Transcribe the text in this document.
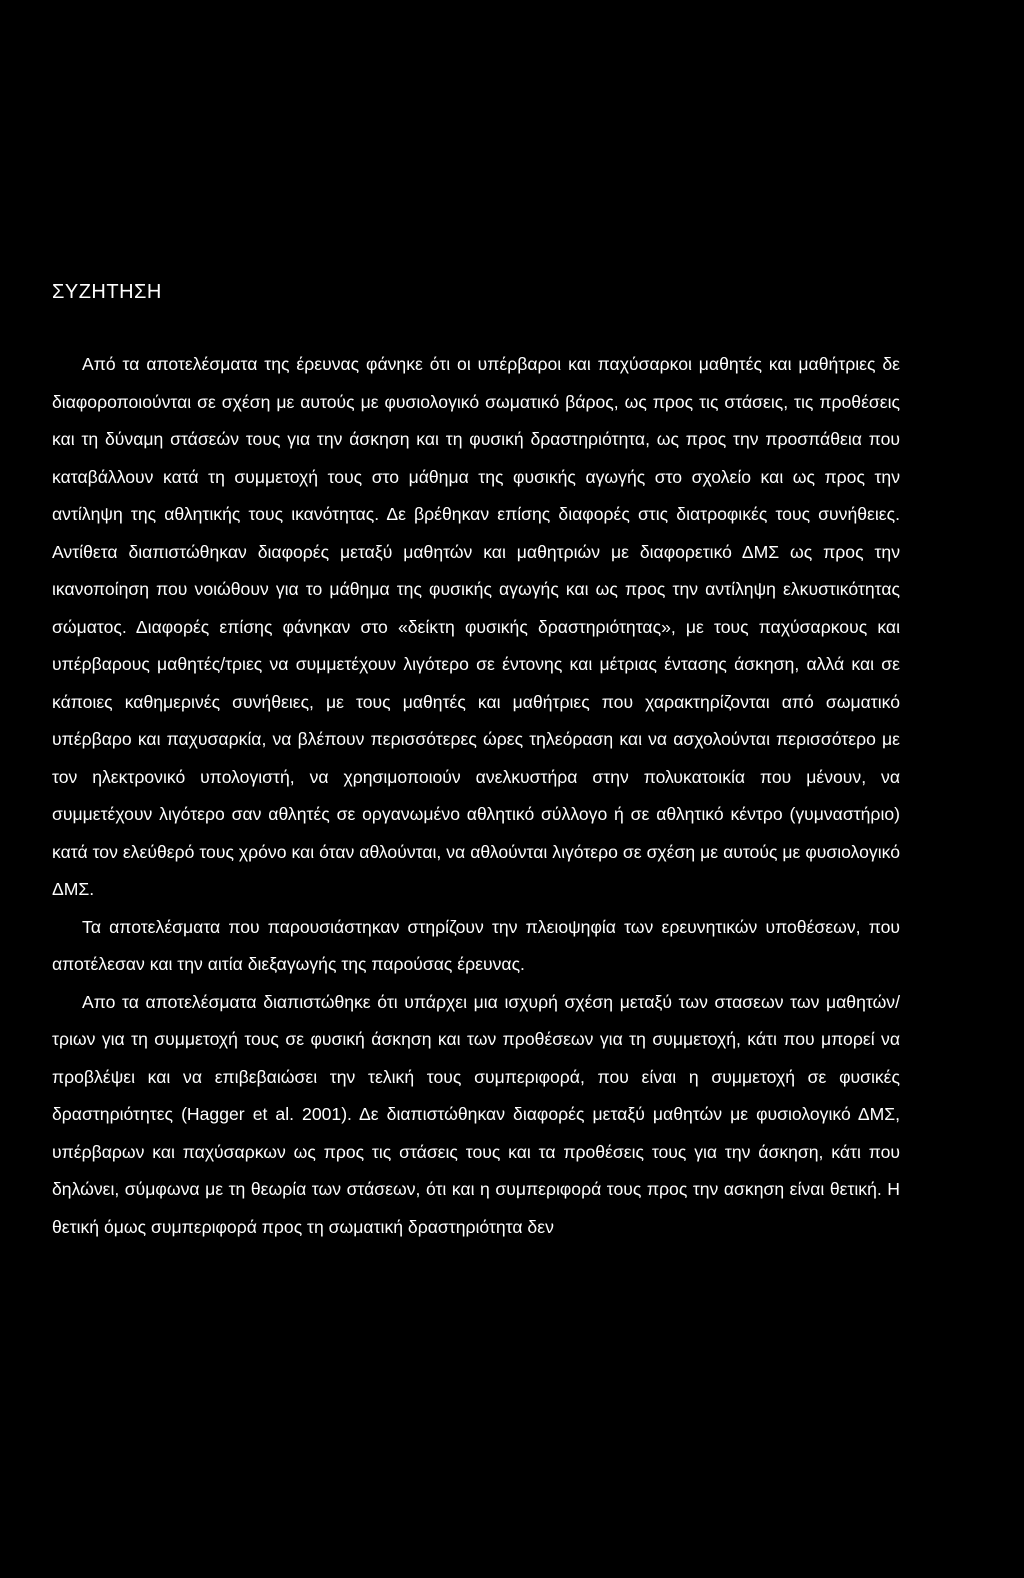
ΣΥΖΗΤΗΣΗ

Από τα αποτελέσματα της έρευνας φάνηκε ότι οι υπέρβαροι και παχύσαρκοι μαθητές και μαθήτριες δε διαφοροποιούνται σε σχέση με αυτούς με φυσιολογικό σωματικό βάρος, ως προς τις στάσεις, τις προθέσεις και τη δύναμη στάσεών τους για την άσκηση και τη φυσική δραστηριότητα, ως προς την προσπάθεια που καταβάλλουν κατά τη συμμετοχή τους στο μάθημα της φυσικής αγωγής στο σχολείο και ως προς την αντίληψη της αθλητικής τους ικανότητας. Δε βρέθηκαν επίσης διαφορές στις διατροφικές τους συνήθειες. Αντίθετα διαπιστώθηκαν διαφορές μεταξύ μαθητών και μαθητριών με διαφορετικό ΔΜΣ ως προς την ικανοποίηση που νοιώθουν για το μάθημα της φυσικής αγωγής και ως προς την αντίληψη ελκυστικότητας σώματος. Διαφορές επίσης φάνηκαν στο «δείκτη φυσικής δραστηριότητας», με τους παχύσαρκους και υπέρβαρους μαθητές/τριες να συμμετέχουν λιγότερο σε έντονης και μέτριας έντασης άσκηση, αλλά και σε κάποιες καθημερινές συνήθειες, με τους μαθητές και μαθήτριες που χαρακτηρίζονται από σωματικό υπέρβαρο και παχυσαρκία, να βλέπουν περισσότερες ώρες τηλεόραση και να ασχολούνται περισσότερο με τον ηλεκτρονικό υπολογιστή, να χρησιμοποιούν ανελκυστήρα στην πολυκατοικία που μένουν, να συμμετέχουν λιγότερο σαν αθλητές σε οργανωμένο αθλητικό σύλλογο ή σε αθλητικό κέντρο (γυμναστήριο) κατά τον ελεύθερό τους χρόνο και όταν αθλούνται, να αθλούνται λιγότερο σε σχέση με αυτούς με φυσιολογικό ΔΜΣ.

Τα αποτελέσματα που παρουσιάστηκαν στηρίζουν την πλειοψηφία των ερευνητικών υποθέσεων, που αποτέλεσαν και την αιτία διεξαγωγής της παρούσας έρευνας.

Απο τα αποτελέσματα διαπιστώθηκε ότι υπάρχει μια ισχυρή σχέση μεταξύ των στασεων των μαθητών/τριων για τη συμμετοχή τους σε φυσική άσκηση και των προθέσεων για τη συμμετοχή, κάτι που μπορεί να προβλέψει και να επιβεβαιώσει την τελική τους συμπεριφορά, που είναι η συμμετοχή σε φυσικές δραστηριότητες (Hagger et al. 2001). Δε διαπιστώθηκαν διαφορές μεταξύ μαθητών με φυσιολογικό ΔΜΣ, υπέρβαρων και παχύσαρκων ως προς τις στάσεις τους και τα προθέσεις τους για την άσκηση, κάτι που δηλώνει, σύμφωνα με τη θεωρία των στάσεων, ότι και η συμπεριφορά τους προς την ασκηση είναι θετική. Η θετική όμως συμπεριφορά προς τη σωματική δραστηριότητα δεν
